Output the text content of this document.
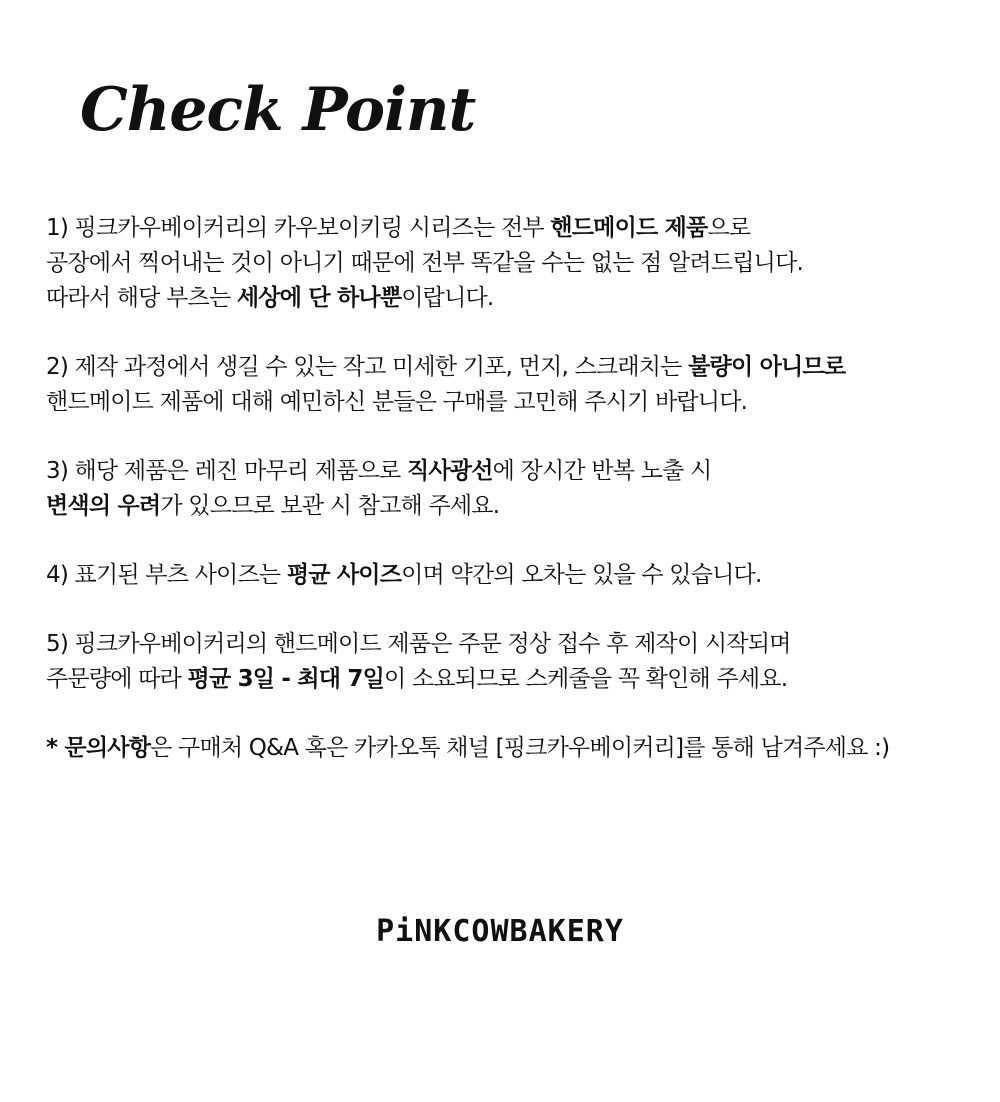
Check Point

1) 핑크카우베이커리의 카우보이키링 시리즈는 전부 핸드메이드 제품으로
공장에서 찍어내는 것이 아니기 때문에 전부 똑같을 수는 없는 점 알려드립니다.
따라서 해당 부츠는 세상에 단 하나뿐이랍니다.

2) 제작 과정에서 생길 수 있는 작고 미세한 기포, 먼지, 스크래치는 불량이 아니므로
핸드메이드 제품에 대해 예민하신 분들은 구매를 고민해 주시기 바랍니다.

3) 해당 제품은 레진 마무리 제품으로 직사광선에 장시간 반복 노출 시
변색의 우려가 있으므로 보관 시 참고해 주세요.

4) 표기된 부츠 사이즈는 평균 사이즈이며 약간의 오차는 있을 수 있습니다.

5) 핑크카우베이커리의 핸드메이드 제품은 주문 정상 접수 후 제작이 시작되며
주문량에 따라 평균 3일 - 최대 7일이 소요되므로 스케줄을 꼭 확인해 주세요.

* 문의사항은 구매처 Q&A 혹은 카카오톡 채널 [핑크카우베이커리]를 통해 남겨주세요 :)

PiNKCOWBAKERY
